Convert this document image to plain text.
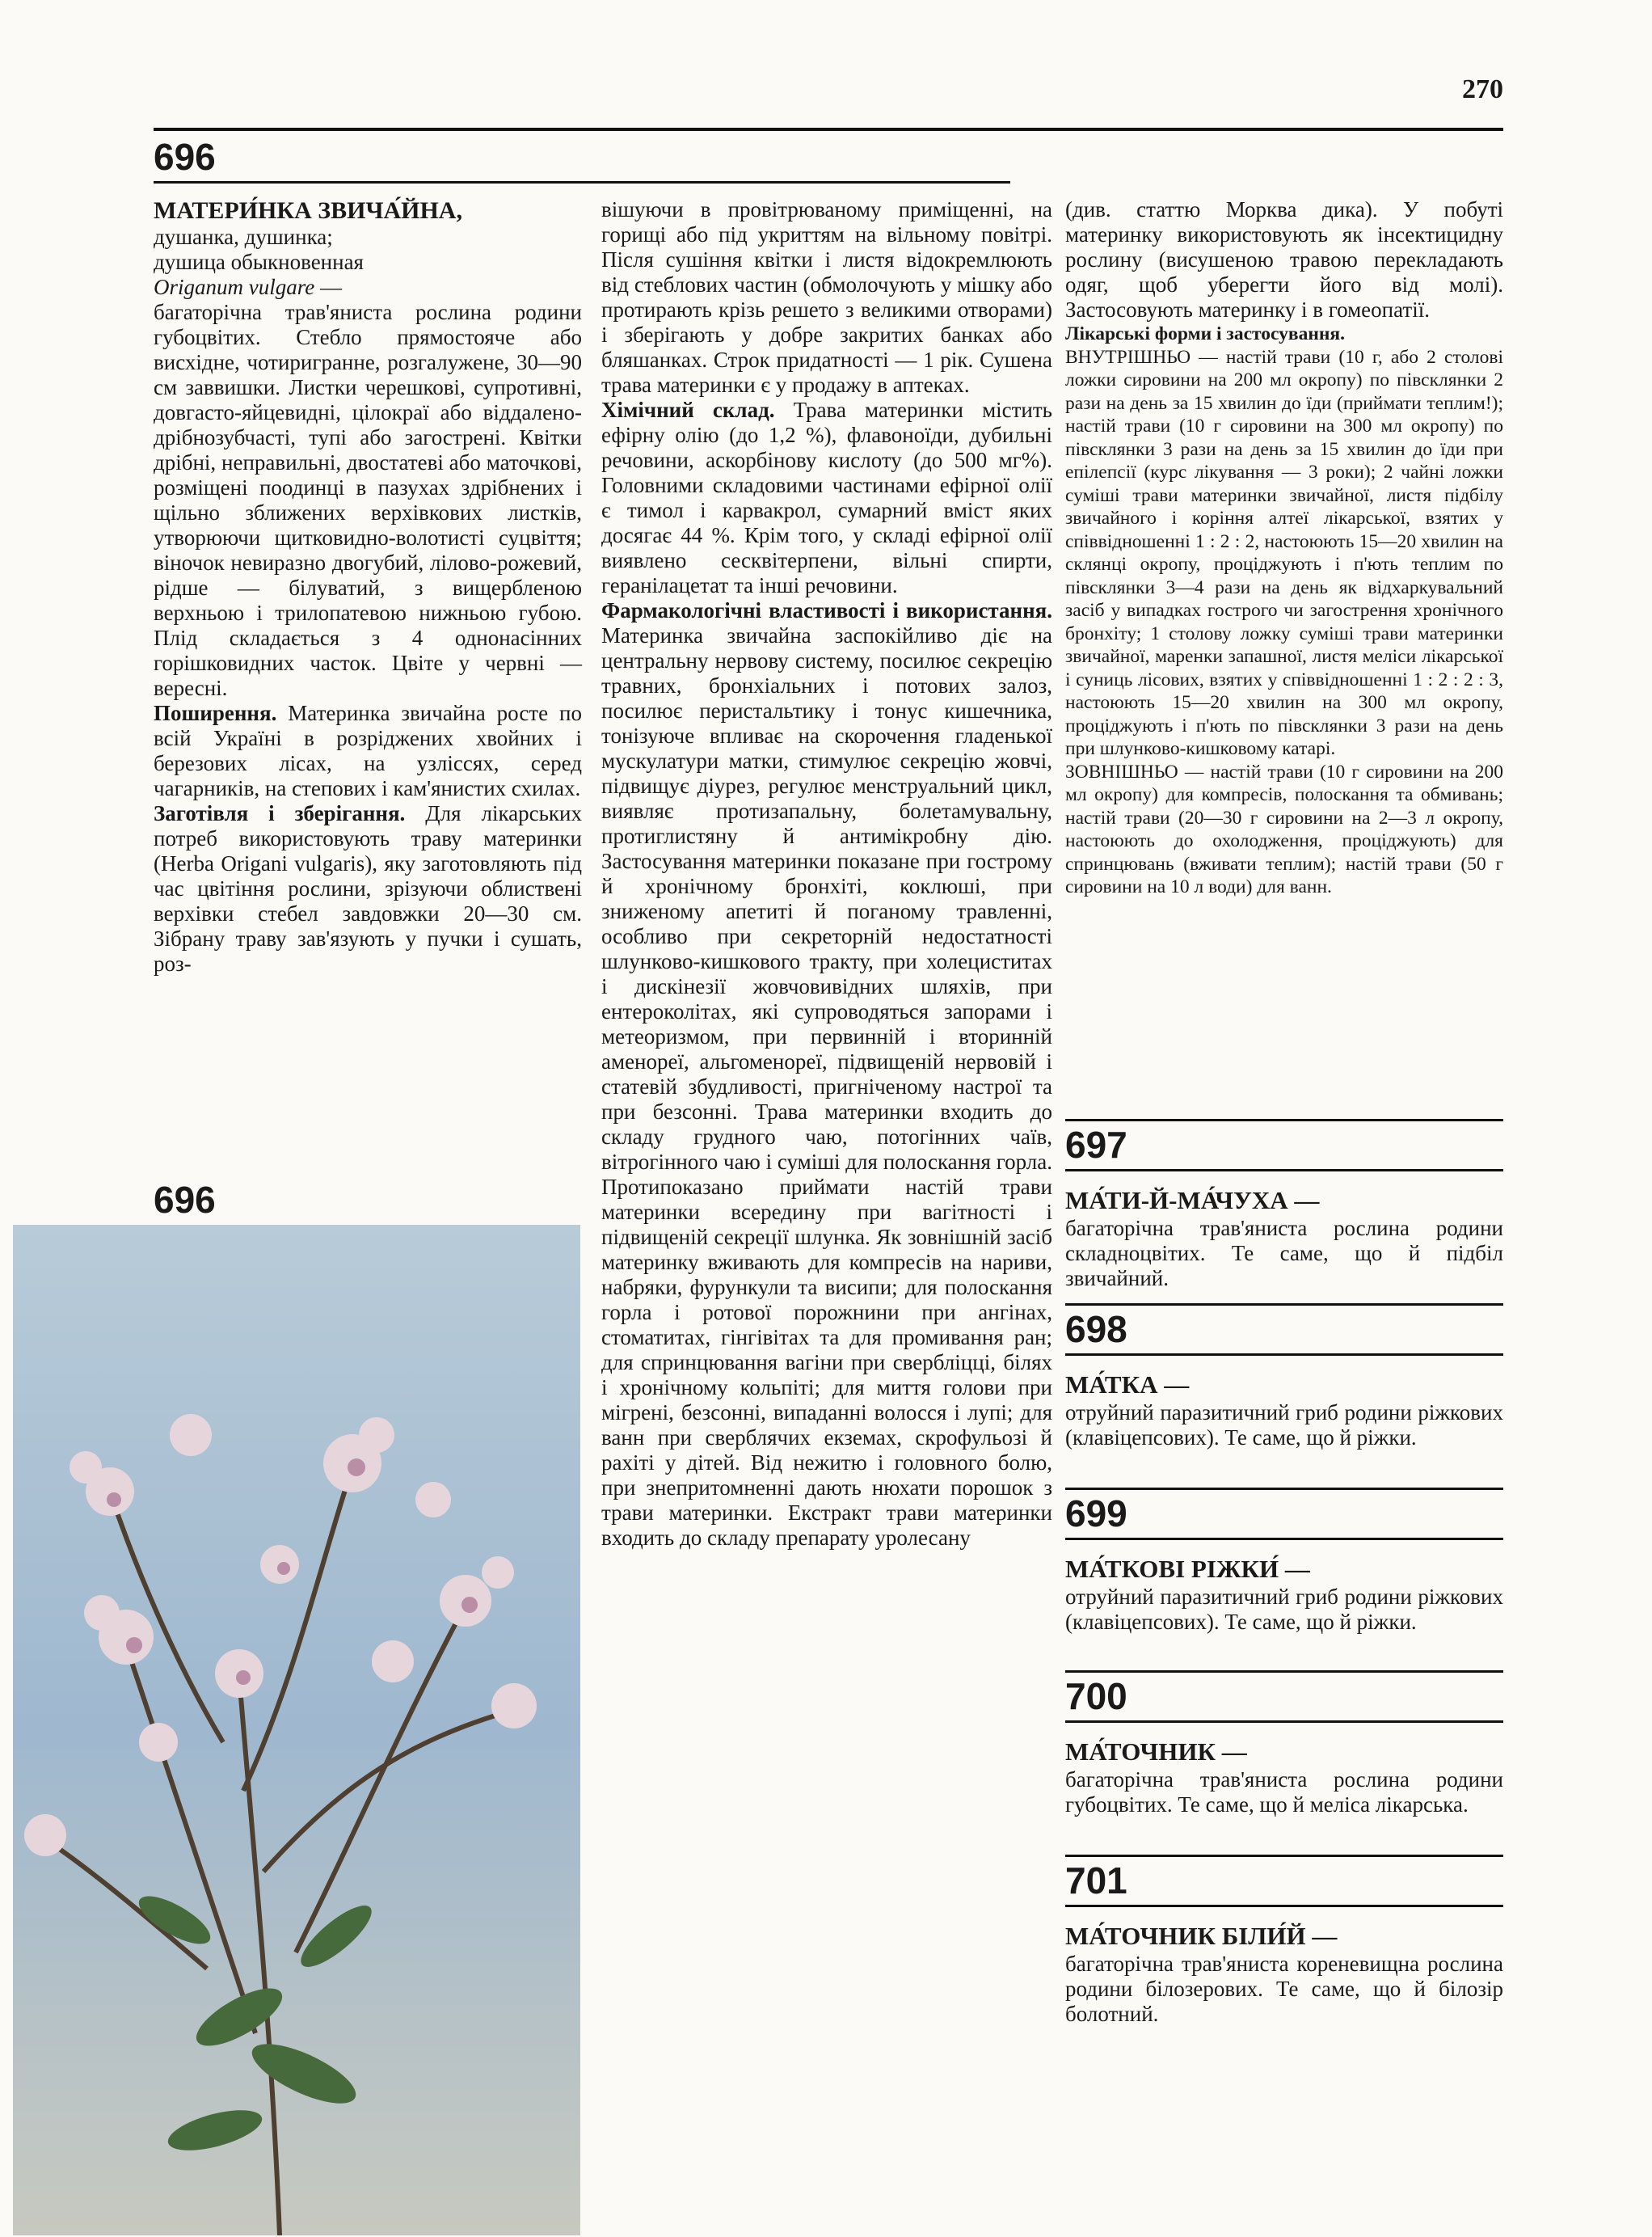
270
696
МАТЕРИ́НКА ЗВИЧА́ЙНА,
душанка, душинка;
душица обыкновенная
Origanum vulgare —

багаторічна трав'яниста рослина родини губоцвітих. Стебло прямостояче або висхідне, чотиригранне, розгалужене, 30—90 см заввишки. Листки черешкові, супротивні, довгасто-яйцевидні, цілокраї або віддалено-дрібнозубчасті, тупі або загострені. Квітки дрібні, неправильні, двостатеві або маточкові, розміщені поодинці в пазухах здрібнених і щільно зближених верхівкових листків, утворюючи щитковидно-волотисті суцвіття; віночок невиразно двогубий, лілово-рожевий, рідше — білуватий, з вищербленою верхньою і трилопатевою нижньою губою. Плід складається з 4 однонасінних горішковидних часток. Цвіте у червні — вересні.

Поширення. Материнка звичайна росте по всій Україні в розріджених хвойних і березових лісах, на узліссях, серед чагарників, на степових і кам'янистих схилах.

Заготівля і зберігання. Для лікарських потреб використовують траву материнки (Herba Origani vulgaris), яку заготовляють під час цвітіння рослини, зрізуючи облиствені верхівки стебел завдовжки 20—30 см. Зібрану траву зав'язують у пучки і сушать, роз-

696

вішуючи в провітрюваному приміщенні, на горищі або під укриттям на вільному повітрі. Після сушіння квітки і листя відокремлюють від стеблових частин (обмолочують у мішку або протирають крізь решето з великими отворами) і зберігають у добре закритих банках або бляшанках. Строк придатності — 1 рік. Сушена трава материнки є у продажу в аптеках.

Хімічний склад. Трава материнки містить ефірну олію (до 1,2 %), флавоноїди, дубильні речовини, аскорбінову кислоту (до 500 мг%). Головними складовими частинами ефірної олії є тимол і карвакрол, сумарний вміст яких досягає 44 %. Крім того, у складі ефірної олії виявлено сесквітерпени, вільні спирти, геранілацетат та інші речовини.

Фармакологічні властивості і використання. Материнка звичайна заспокійливо діє на центральну нервову систему, посилює секрецію травних, бронхіальних і потових залоз, посилює перистальтику і тонус кишечника, тонізуюче впливає на скорочення гладенької мускулатури матки, стимулює секрецію жовчі, підвищує діурез, регулює менструальний цикл, виявляє протизапальну, болетамувальну, протиглистяну й антимікробну дію. Застосування материнки показане при гострому й хронічному бронхіті, коклюші, при зниженому апетиті й поганому травленні, особливо при секреторній недостатності шлунково-кишкового тракту, при холециститах і дискінезії жовчовивідних шляхів, при ентероколітах, які супроводяться запорами і метеоризмом, при первинній і вторинній аменореї, альгоменореї, підвищеній нервовій і статевій збудливості, пригніченому настрої та при безсонні. Трава материнки входить до складу грудного чаю, потогінних чаїв, вітрогінного чаю і суміші для полоскання горла. Протипоказано приймати настій трави материнки всередину при вагітності і підвищеній секреції шлунка. Як зовнішній засіб материнку вживають для компресів на нариви, набряки, фурункули та висипи; для полоскання горла і ротової порожнини при ангінах, стоматитах, гінгівітах та для промивання ран; для спринцювання вагіни при свербліцці, білях і хронічному кольпіті; для миття голови при мігрені, безсонні, випаданні волосся і лупі; для ванн при сверблячих екземах, скрофульозі й рахіті у дітей. Від нежитю і головного болю, при знепритомненні дають нюхати порошок з трави материнки. Екстракт трави материнки входить до складу препарату уролесану

(див. статтю Морква дика). У побуті материнку використовують як інсектицидну рослину (висушеною травою перекладають одяг, щоб уберегти його від молі). Застосовують материнку і в гомеопатії.

Лікарські форми і застосування.

ВНУТРІШНЬО — настій трави (10 г, або 2 столові ложки сировини на 200 мл окропу) по півсклянки 2 рази на день за 15 хвилин до їди (приймати теплим!); настій трави (10 г сировини на 300 мл окропу) по півсклянки 3 рази на день за 15 хвилин до їди при епілепсії (курс лікування — 3 роки); 2 чайні ложки суміші трави материнки звичайної, листя підбілу звичайного і коріння алтеї лікарської, взятих у співвідношенні 1 : 2 : 2, настоюють 15—20 хвилин на склянці окропу, проціджують і п'ють теплим по півсклянки 3—4 рази на день як відхаркувальний засіб у випадках гострого чи загострення хронічного бронхіту; 1 столову ложку суміші трави материнки звичайної, маренки запашної, листя меліси лікарської і суниць лісових, взятих у співвідношенні 1 : 2 : 2 : 3, настоюють 15—20 хвилин на 300 мл окропу, проціджують і п'ють по півсклянки 3 рази на день при шлунково-кишковому катарі.

ЗОВНІШНЬО — настій трави (10 г сировини на 200 мл окропу) для компресів, полоскання та обмивань; настій трави (20—30 г сировини на 2—3 л окропу, настоюють до охолодження, проціджують) для спринцювань (вживати теплим); настій трави (50 г сировини на 10 л води) для ванн.

697
МА́ТИ-Й-МА́ЧУХА —
багаторічна трав'яниста рослина родини складноцвітих. Те саме, що й підбіл звичайний.
698
МА́ТКА —
отруйний паразитичний гриб родини ріжкових (клавіцепсових). Те саме, що й ріжки.
699
МА́ТКОВІ РІЖКИ́ —
отруйний паразитичний гриб родини ріжкових (клавіцепсових). Те саме, що й ріжки.
700
МА́ТОЧНИК —
багаторічна трав'яниста рослина родини губоцвітих. Те саме, що й меліса лікарська.
701
МА́ТОЧНИК БІЛИ́Й —
багаторічна трав'яниста кореневищна рослина родини білозерових. Те саме, що й білозір болотний.
